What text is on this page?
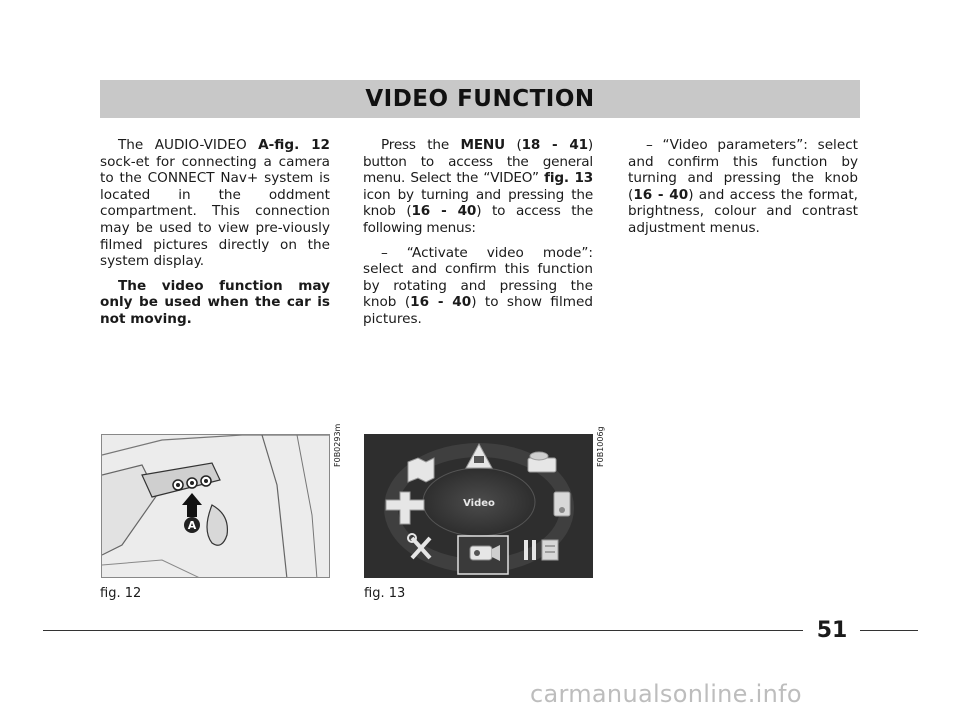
VIDEO FUNCTION

The AUDIO-VIDEO A-fig. 12 sock-et for connecting a camera to the CONNECT Nav+ system is located in the oddment compartment. This connection may be used to view pre-viously filmed pictures directly on the system display.

The video function may only be used when the car is not moving.

Press the MENU (18 - 41) button to access the general menu. Select the “VIDEO” fig. 13 icon by turning and pressing the knob (16 - 40) to access the following menus:

– “Activate video mode”: select and confirm this function by rotating and pressing the knob (16 - 40) to show filmed pictures.

– “Video parameters”: select and confirm this function by turning and pressing the knob (16 - 40) and access the format, brightness, colour and contrast adjustment menus.

A
F0B0293m
fig. 12
Video
F0B1006g
fig. 13
51
carmanualsonline.info
